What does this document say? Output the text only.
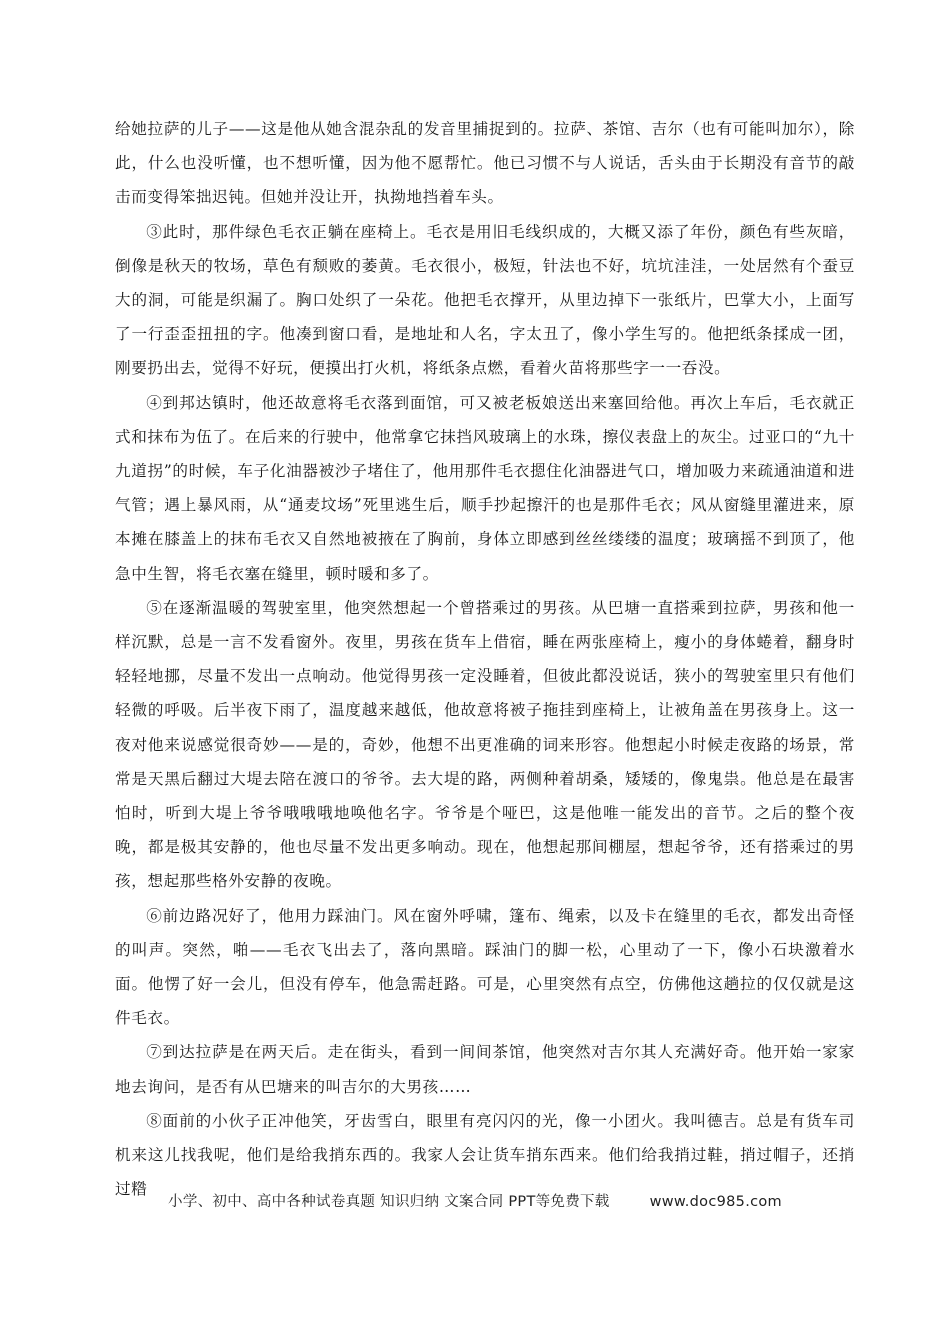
给她拉萨的儿子——这是他从她含混杂乱的发音里捕捉到的。拉萨、茶馆、吉尔（也有可能叫加尔），除此，什么也没听懂，也不想听懂，因为他不愿帮忙。他已习惯不与人说话，舌头由于长期没有音节的敲击而变得笨拙迟钝。但她并没让开，执拗地挡着车头。

③此时，那件绿色毛衣正躺在座椅上。毛衣是用旧毛线织成的，大概又添了年份，颜色有些灰暗，倒像是秋天的牧场，草色有颓败的萎黄。毛衣很小，极短，针法也不好，坑坑洼洼，一处居然有个蚕豆大的洞，可能是织漏了。胸口处织了一朵花。他把毛衣撑开，从里边掉下一张纸片，巴掌大小，上面写了一行歪歪扭扭的字。他凑到窗口看，是地址和人名，字太丑了，像小学生写的。他把纸条揉成一团，刚要扔出去，觉得不好玩，便摸出打火机，将纸条点燃，看着火苗将那些字一一吞没。

④到邦达镇时，他还故意将毛衣落到面馆，可又被老板娘送出来塞回给他。再次上车后，毛衣就正式和抹布为伍了。在后来的行驶中，他常拿它抹挡风玻璃上的水珠，擦仪表盘上的灰尘。过亚口的“九十九道拐”的时候，车子化油器被沙子堵住了，他用那件毛衣摁住化油器进气口，增加吸力来疏通油道和进气管；遇上暴风雨，从“通麦坟场”死里逃生后，顺手抄起擦汗的也是那件毛衣；风从窗缝里灌进来，原本摊在膝盖上的抹布毛衣又自然地被掖在了胸前，身体立即感到丝丝缕缕的温度；玻璃摇不到顶了，他急中生智，将毛衣塞在缝里，顿时暖和多了。

⑤在逐渐温暖的驾驶室里，他突然想起一个曾搭乘过的男孩。从巴塘一直搭乘到拉萨，男孩和他一样沉默，总是一言不发看窗外。夜里，男孩在货车上借宿，睡在两张座椅上，瘦小的身体蜷着，翻身时轻轻地挪，尽量不发出一点响动。他觉得男孩一定没睡着，但彼此都没说话，狭小的驾驶室里只有他们轻微的呼吸。后半夜下雨了，温度越来越低，他故意将被子拖挂到座椅上，让被角盖在男孩身上。这一夜对他来说感觉很奇妙——是的，奇妙，他想不出更准确的词来形容。他想起小时候走夜路的场景，常常是天黑后翻过大堤去陪在渡口的爷爷。去大堤的路，两侧种着胡桑，矮矮的，像鬼祟。他总是在最害怕时，听到大堤上爷爷哦哦哦地唤他名字。爷爷是个哑巴，这是他唯一能发出的音节。之后的整个夜晚，都是极其安静的，他也尽量不发出更多响动。现在，他想起那间棚屋，想起爷爷，还有搭乘过的男孩，想起那些格外安静的夜晚。

⑥前边路况好了，他用力踩油门。风在窗外呼啸，篷布、绳索，以及卡在缝里的毛衣，都发出奇怪的叫声。突然，啪——毛衣飞出去了，落向黑暗。踩油门的脚一松，心里动了一下，像小石块激着水面。他愣了好一会儿，但没有停车，他急需赶路。可是，心里突然有点空，仿佛他这趟拉的仅仅就是这件毛衣。

⑦到达拉萨是在两天后。走在街头，看到一间间茶馆，他突然对吉尔其人充满好奇。他开始一家家地去询问，是否有从巴塘来的叫吉尔的大男孩……

⑧面前的小伙子正冲他笑，牙齿雪白，眼里有亮闪闪的光，像一小团火。我叫德吉。总是有货车司机来这儿找我呢，他们是给我捎东西的。我家人会让货车捎东西来。他们给我捎过鞋，捎过帽子，还捎过糌

小学、初中、高中各种试卷真题 知识归纳 文案合同 PPT等免费下载	www.doc985.com
